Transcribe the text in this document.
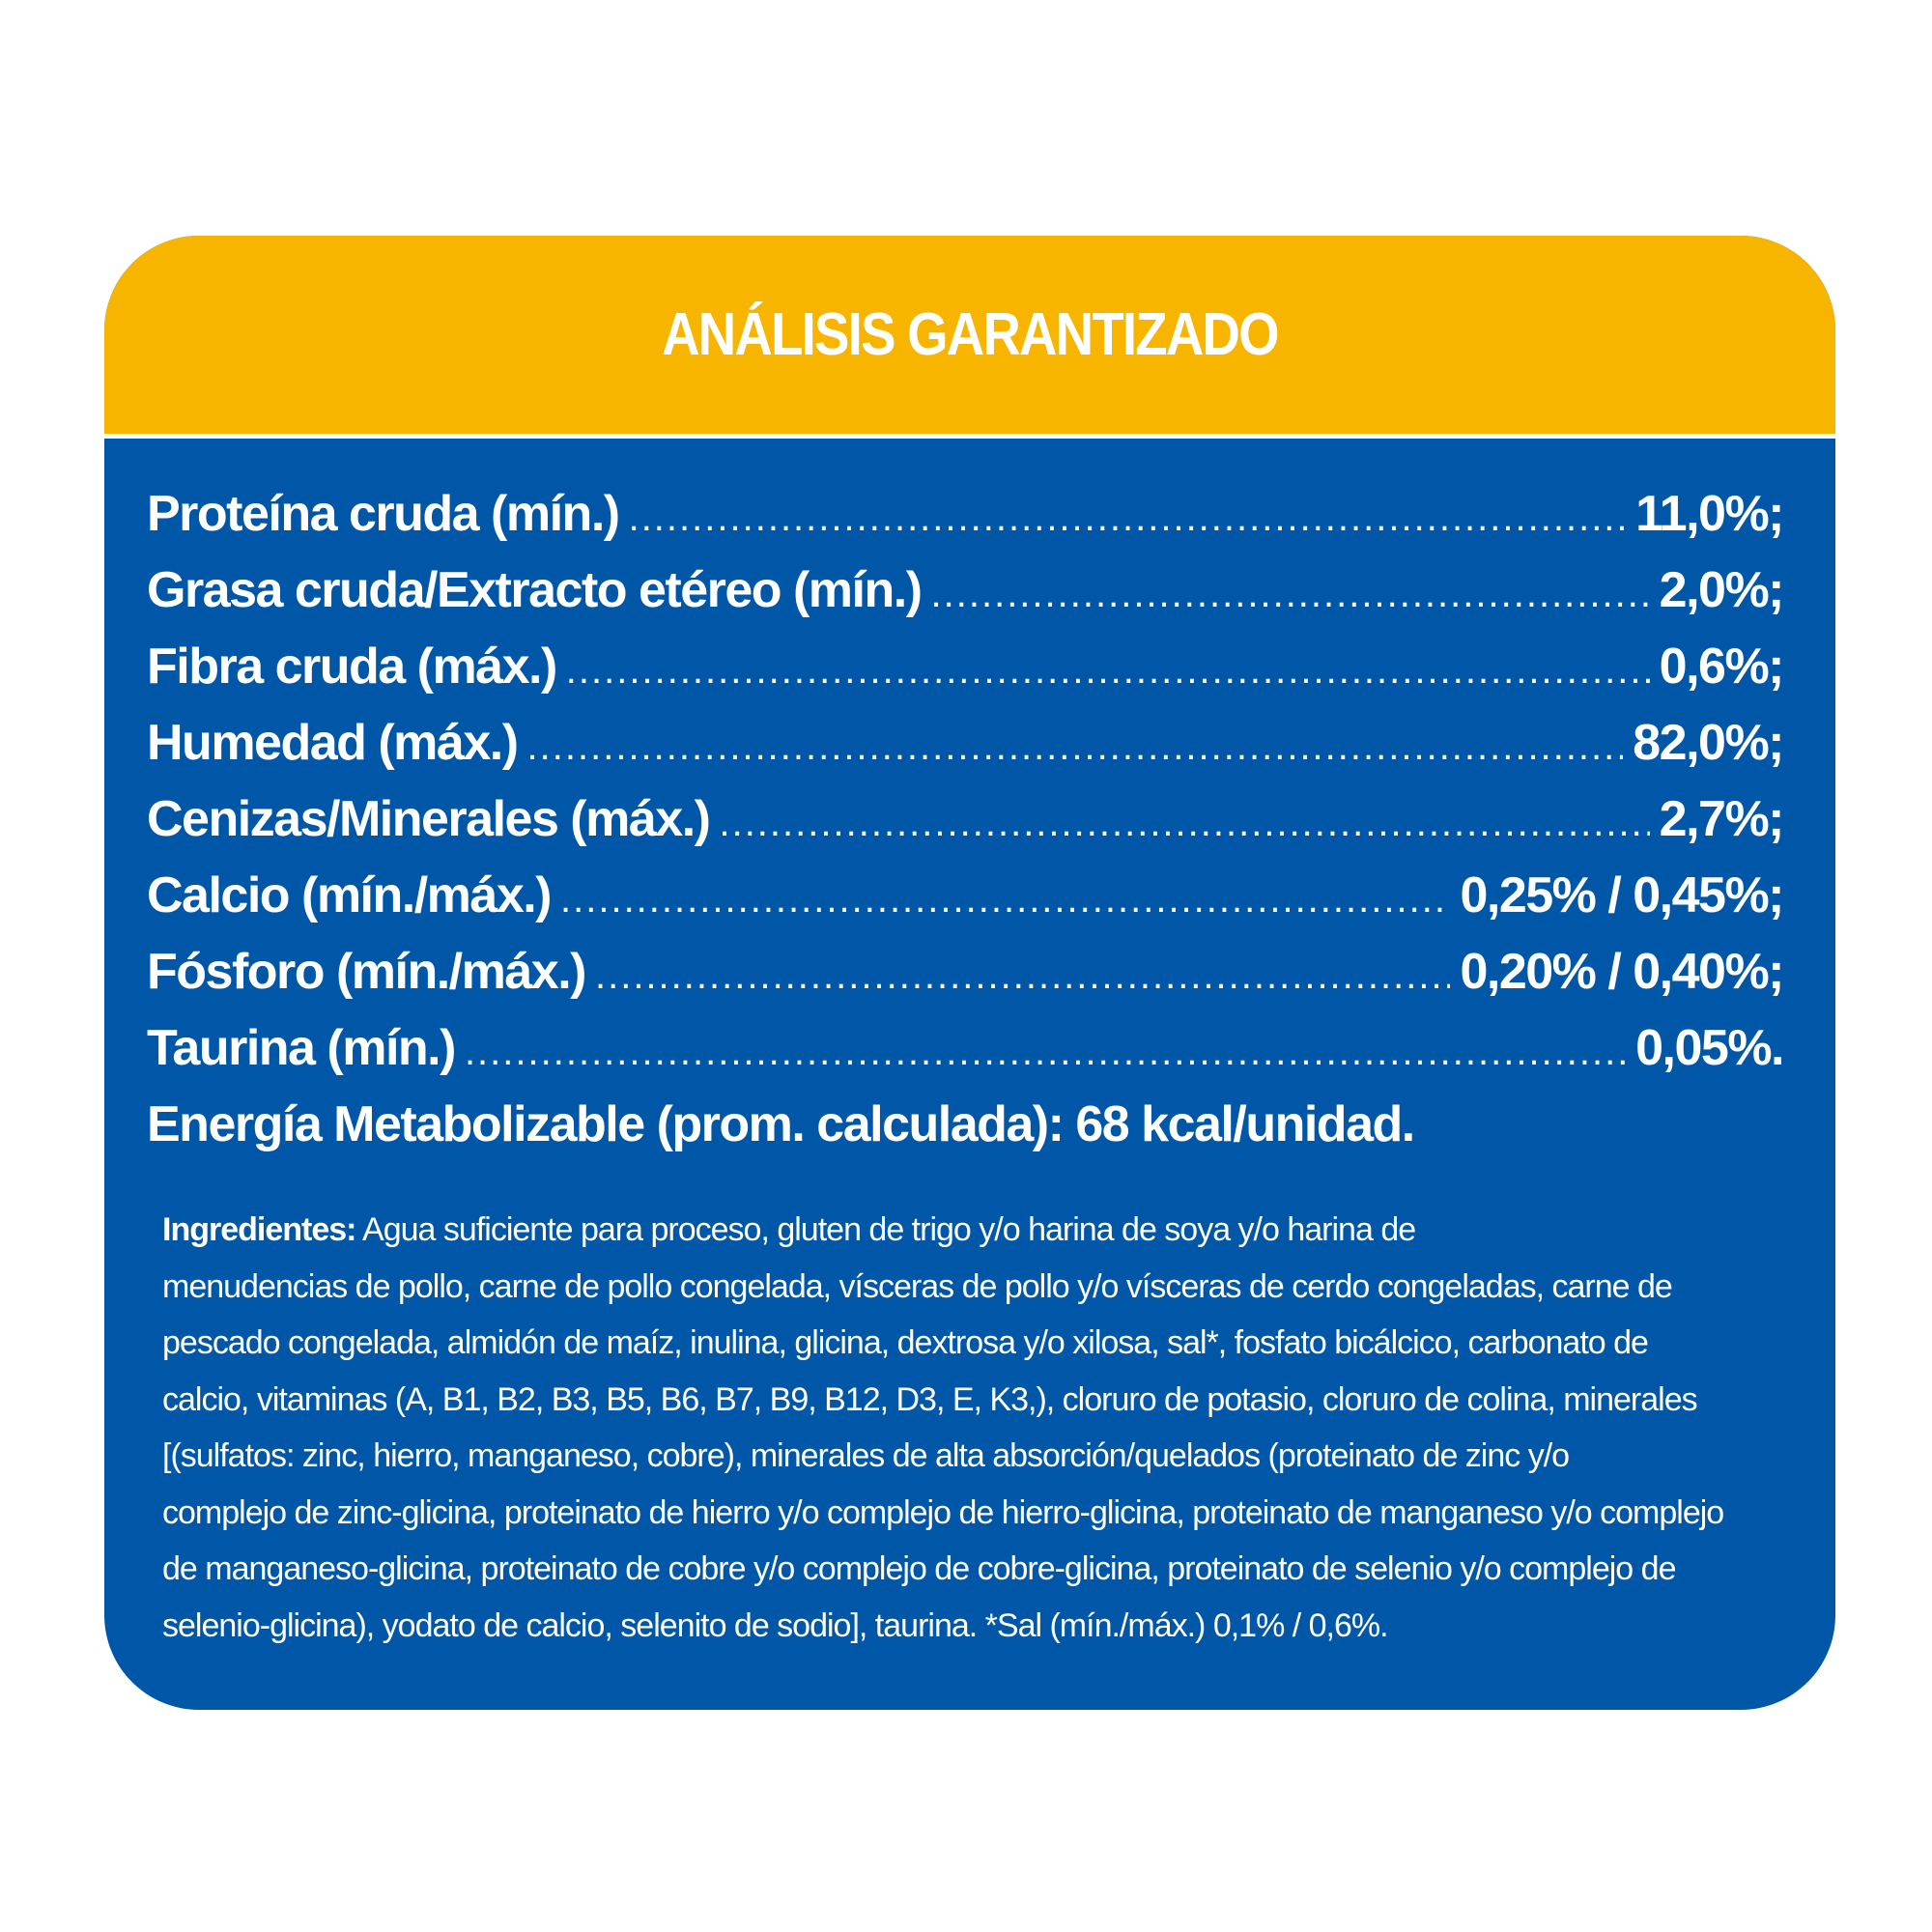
ANÁLISIS GARANTIZADO
Proteína cruda (mín.) .....	11,0%;
Grasa cruda/Extracto etéreo (mín.) .....	2,0%;
Fibra cruda (máx.) .....	0,6%;
Humedad (máx.) .....	82,0%;
Cenizas/Minerales (máx.) .....	2,7%;
Calcio (mín./máx.) .....	0,25% / 0,45%;
Fósforo (mín./máx.) .....	0,20% / 0,40%;
Taurina (mín.) .....	0,05%.
Energía Metabolizable (prom. calculada): 68 kcal/unidad.
Ingredientes: Agua suficiente para proceso, gluten de trigo y/o harina de soya y/o harina de
menudencias de pollo, carne de pollo congelada, vísceras de pollo y/o vísceras de cerdo congeladas, carne de
pescado congelada, almidón de maíz, inulina, glicina, dextrosa y/o xilosa, sal*, fosfato bicálcico, carbonato de
calcio, vitaminas (A, B1, B2, B3, B5, B6, B7, B9, B12, D3, E, K3,), cloruro de potasio, cloruro de colina, minerales
[(sulfatos: zinc, hierro, manganeso, cobre), minerales de alta absorción/quelados (proteinato de zinc y/o
complejo de zinc-glicina, proteinato de hierro y/o complejo de hierro-glicina, proteinato de manganeso y/o complejo
de manganeso-glicina, proteinato de cobre y/o complejo de cobre-glicina, proteinato de selenio y/o complejo de
selenio-glicina), yodato de calcio, selenito de sodio], taurina. *Sal (mín./máx.) 0,1% / 0,6%.
